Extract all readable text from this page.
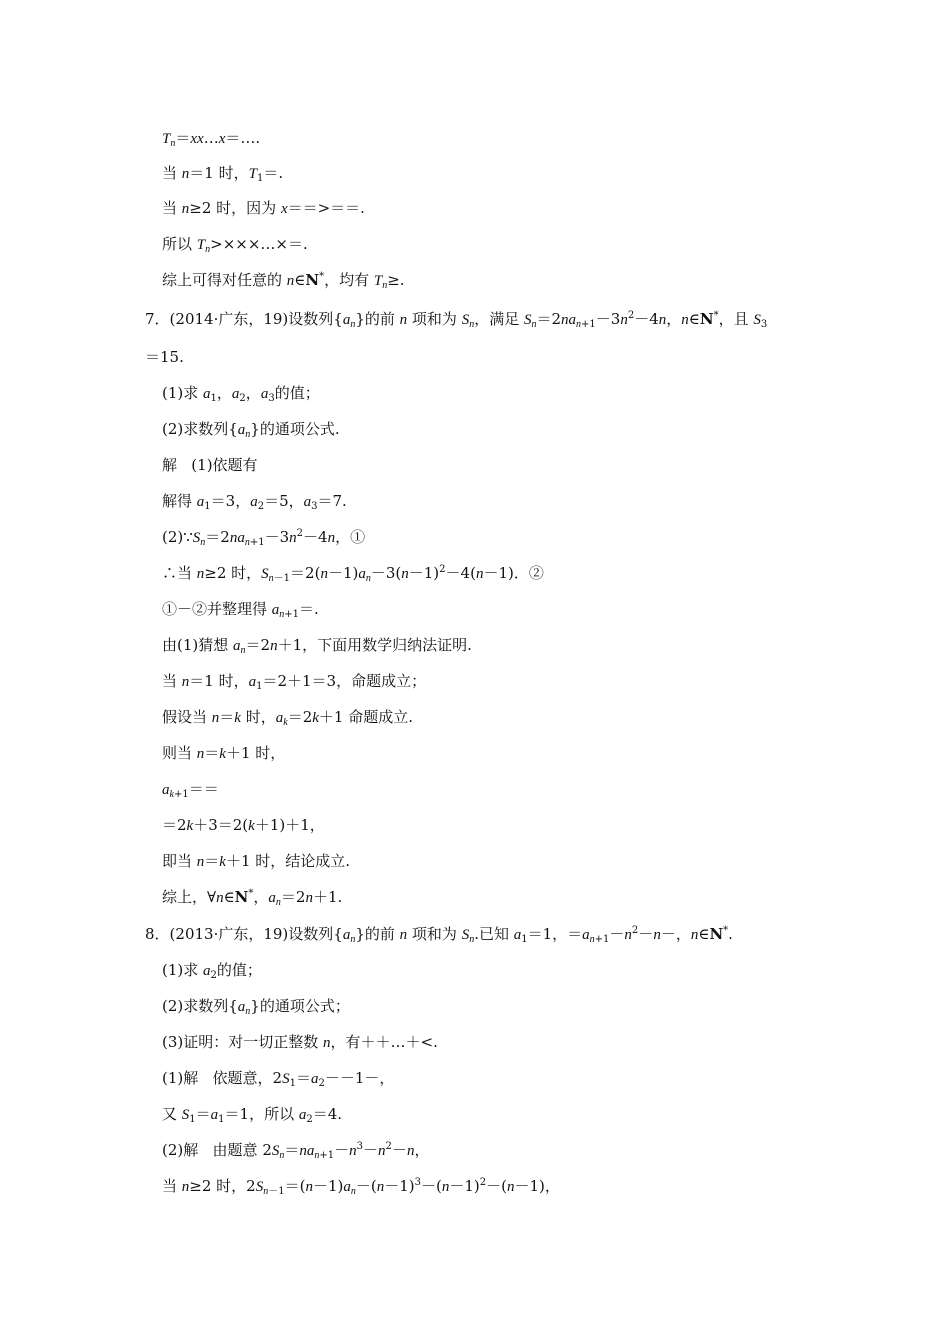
$T_n=xx\dots x=\dots$.
当 n＝1 时，$T_1=$.
当 n≥2 时，因为 x＝＝>＝＝.
所以 $T_n>\times\times\times\dots\times=$.
综上可得对任意的 n∈N*，均有 $T_n\ge$.
7．(2014·广东，19)设数列$\{a_n\}$的前 n 项和为 $S_n$，满足 $S_n=2na_{n+1}-3n^2-4n$，n∈N*，且 $S_3$
＝15.
(1)求 $a_1$，$a_2$，$a_3$的值；
(2)求数列$\{a_n\}$的通项公式.
解   (1)依题有
解得 $a_1=3$，$a_2=5$，$a_3=7$.
$(2)\because S_n=2na_{n+1}-3n^2-4n$，①
∴当 n≥2 时，$S_{n-1}=2(n-1)a_n-3(n-1)^2-4(n-1)$．②
①－②并整理得 $a_{n+1}=$.
由(1)猜想 $a_n=2n+1$，下面用数学归纳法证明.
当 n＝1 时，$a_1=2+1=3$，命题成立；
假设当 n＝k 时，$a_k=2k+1$ 命题成立.
则当 n＝k＋1 时，
$a_{k+1}==$
＝2k＋3＝2(k＋1)＋1，
即当 n＝k＋1 时，结论成立.
综上，∀n∈N*，$a_n=2n+1$.
8．(2013·广东，19)设数列$\{a_n\}$的前 n 项和为 $S_n$.已知 $a_1=1$，$=a_{n+1}-n^2-n-$，n∈N*.
(1)求 $a_2$的值；
(2)求数列$\{a_n\}$的通项公式；
(3)证明：对一切正整数 n，有＋＋…＋<.
(1)解   依题意，$2S_1=a_2--1-$，
又 $S_1=a_1=1$，所以 $a_2=4$.
(2)解   由题意 $2S_n=na_{n+1}-n^3-n^2-n$，
当 n≥2 时，$2S_{n-1}=(n-1)a_n-(n-1)^3-(n-1)^2-(n-1)$，
